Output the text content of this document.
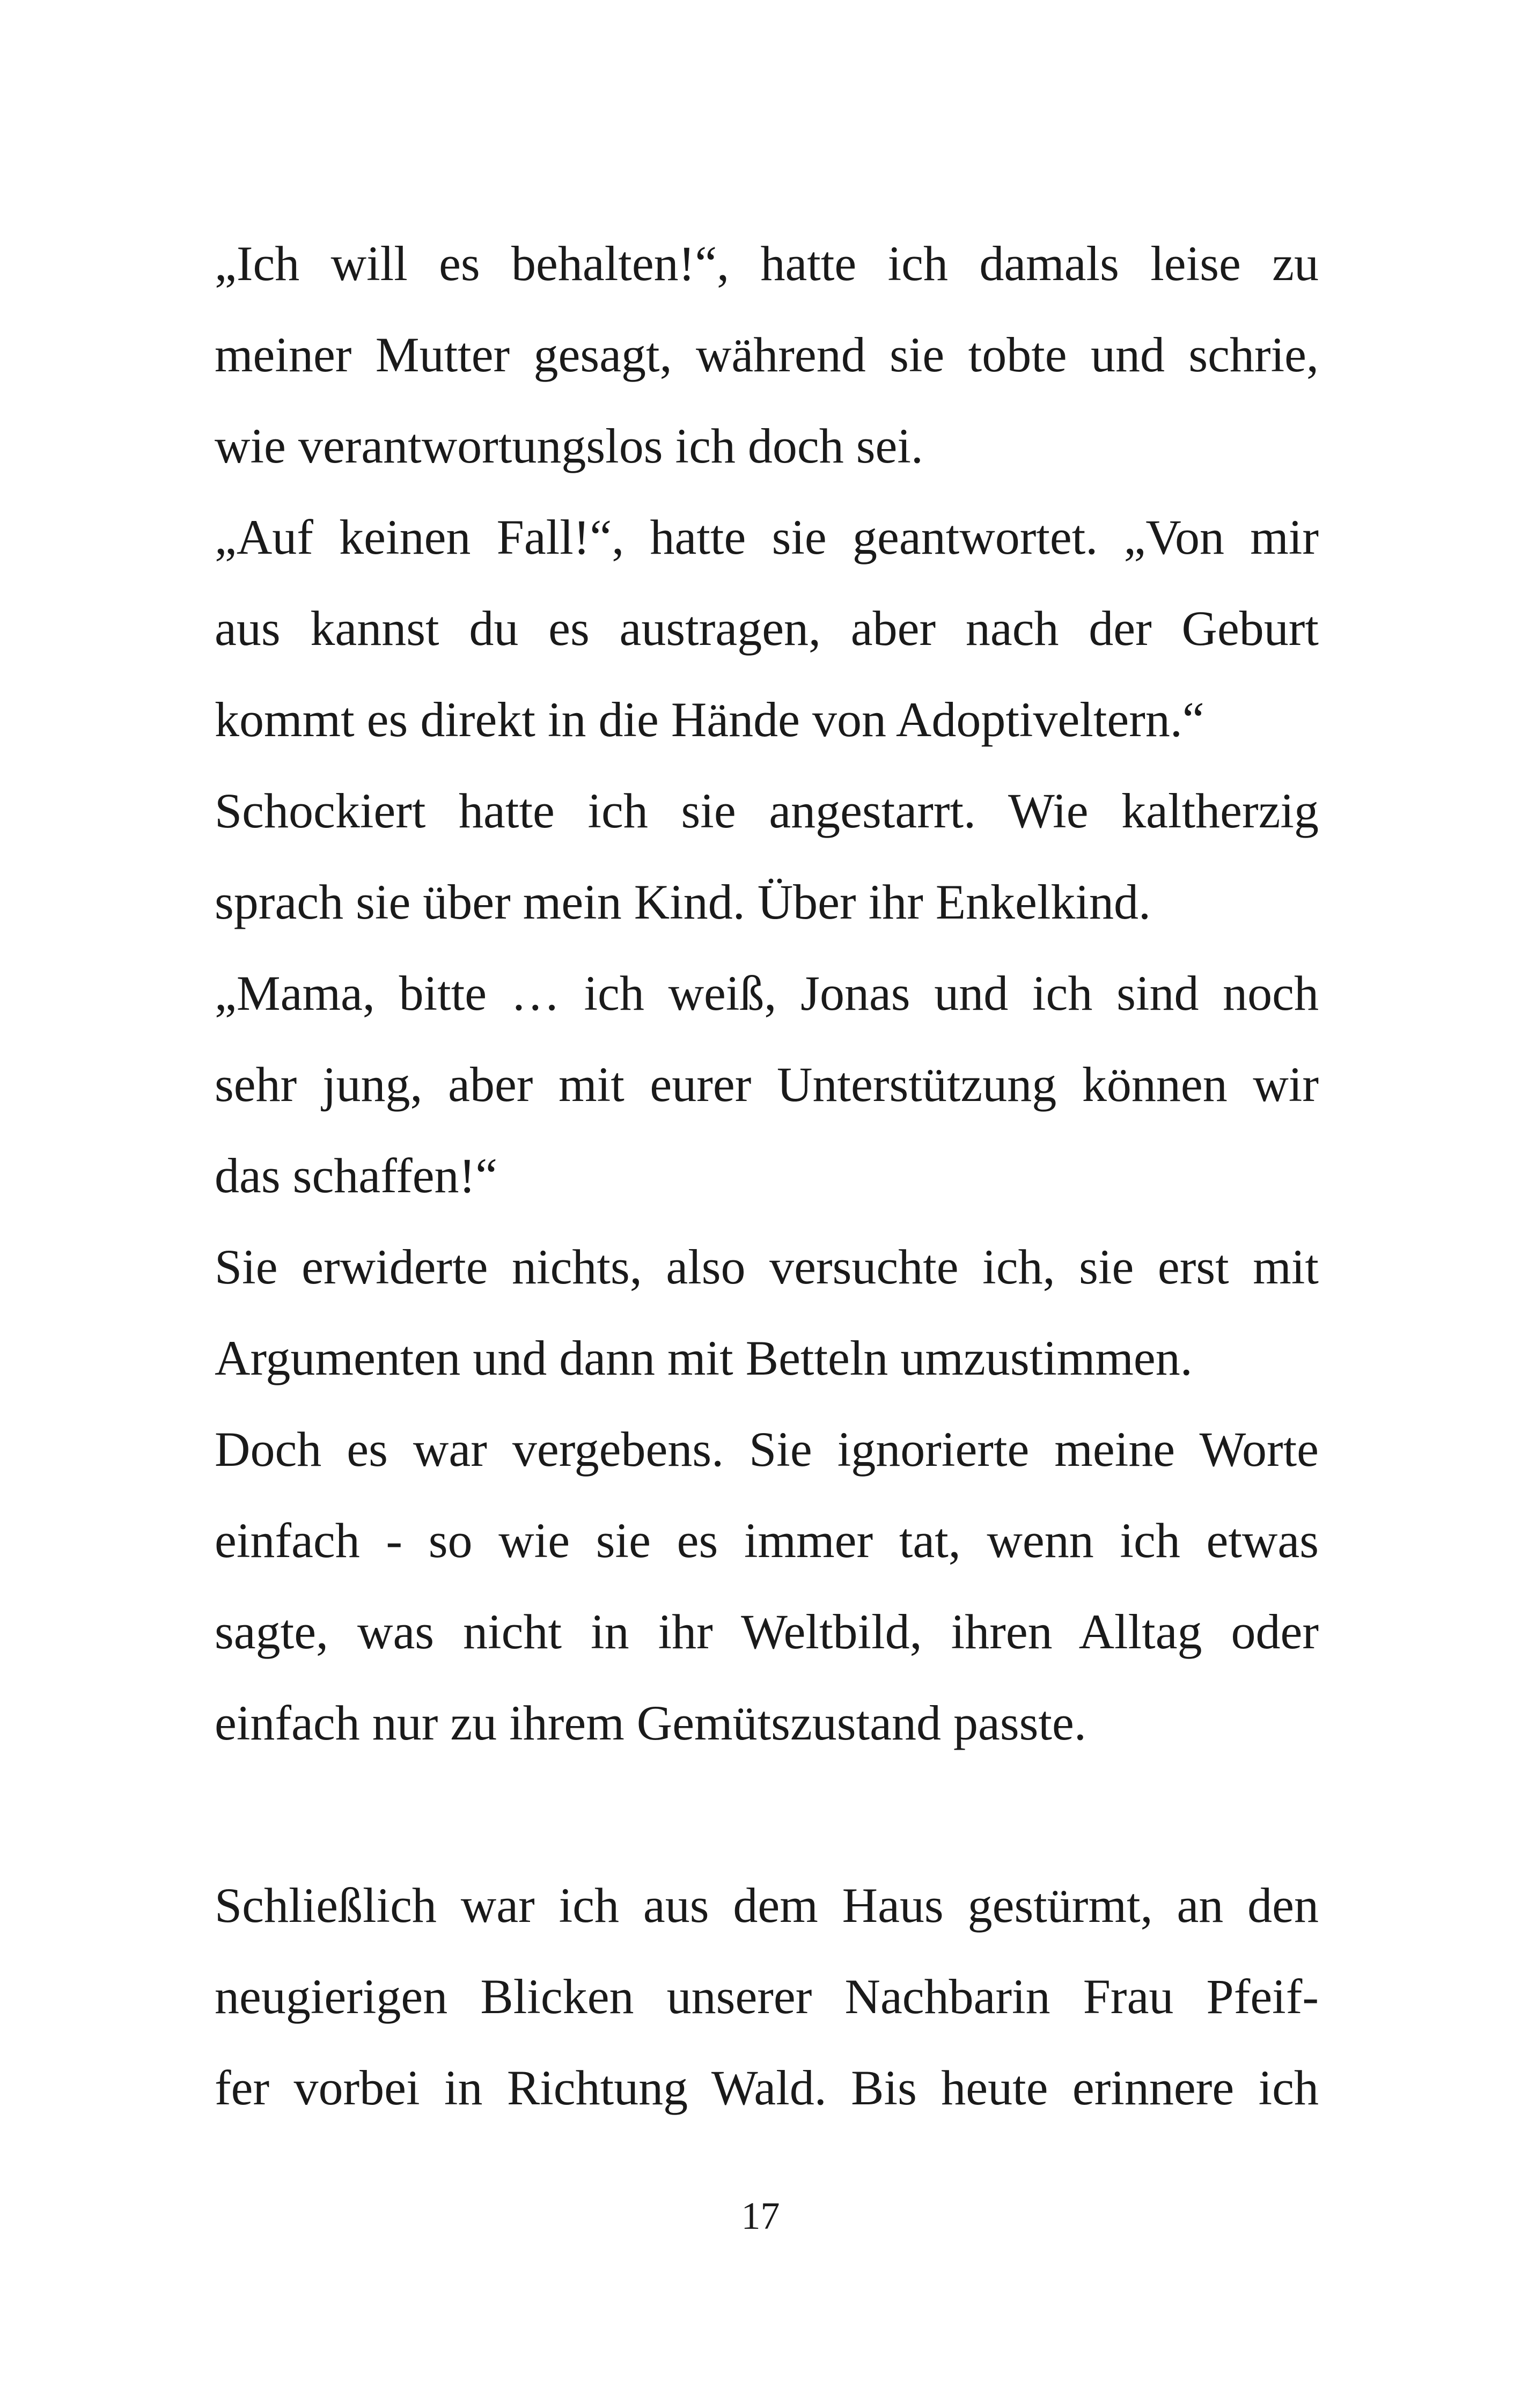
„Ich will es behalten!“, hatte ich damals leise zu
meiner Mutter gesagt, während sie tobte und schrie,
wie verantwortungslos ich doch sei.
„Auf keinen Fall!“, hatte sie geantwortet. „Von mir
aus kannst du es austragen, aber nach der Geburt
kommt es direkt in die Hände von Adoptiveltern.“
Schockiert hatte ich sie angestarrt. Wie kaltherzig
sprach sie über mein Kind. Über ihr Enkelkind.
„Mama, bitte … ich weiß, Jonas und ich sind noch
sehr jung, aber mit eurer Unterstützung können wir
das schaffen!“
Sie erwiderte nichts, also versuchte ich, sie erst mit
Argumenten und dann mit Betteln umzustimmen.
Doch es war vergebens. Sie ignorierte meine Worte
einfach - so wie sie es immer tat, wenn ich etwas
sagte, was nicht in ihr Weltbild, ihren Alltag oder
einfach nur zu ihrem Gemütszustand passte.
Schließlich war ich aus dem Haus gestürmt, an den
neugierigen Blicken unserer Nachbarin Frau Pfeif-
fer vorbei in Richtung Wald. Bis heute erinnere ich
17
